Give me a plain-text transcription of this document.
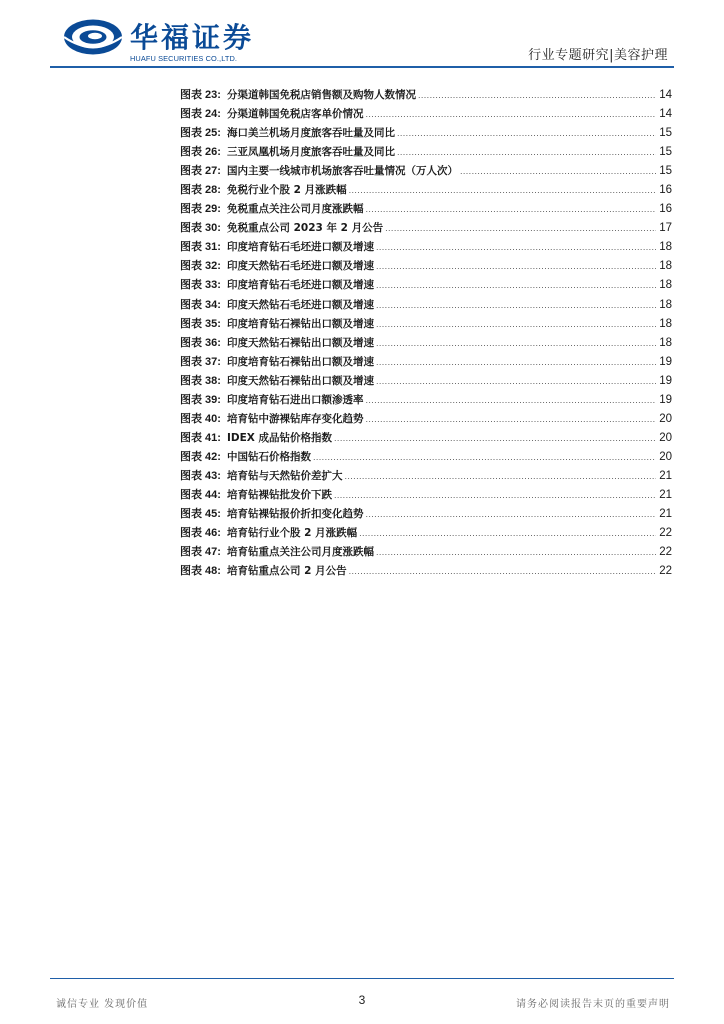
华福证券
HUAFU SECURITIES CO.,LTD.	行业专题研究|美容护理
图表 23: 分渠道韩国免税店销售额及购物人数情况 .....	14
图表 24: 分渠道韩国免税店客单价情况 .....	14
图表 25: 海口美兰机场月度旅客吞吐量及同比 .....	15
图表 26: 三亚凤凰机场月度旅客吞吐量及同比 .....	15
图表 27: 国内主要一线城市机场旅客吞吐量情况（万人次） .....	15
图表 28: 免税行业个股 2 月涨跌幅 .....	16
图表 29: 免税重点关注公司月度涨跌幅 .....	16
图表 30: 免税重点公司 2023 年 2 月公告 .....	17
图表 31: 印度培育钻石毛坯进口额及增速 .....	18
图表 32: 印度天然钻石毛坯进口额及增速 .....	18
图表 33: 印度培育钻石毛坯进口额及增速 .....	18
图表 34: 印度天然钻石毛坯进口额及增速 .....	18
图表 35: 印度培育钻石裸钻出口额及增速 .....	18
图表 36: 印度天然钻石裸钻出口额及增速 .....	18
图表 37: 印度培育钻石裸钻出口额及增速 .....	19
图表 38: 印度天然钻石裸钻出口额及增速 .....	19
图表 39: 印度培育钻石进出口额渗透率 .....	19
图表 40: 培育钻中游裸钻库存变化趋势 .....	20
图表 41: IDEX 成品钻价格指数 .....	20
图表 42: 中国钻石价格指数 .....	20
图表 43: 培育钻与天然钻价差扩大 .....	21
图表 44: 培育钻裸钻批发价下跌 .....	21
图表 45: 培育钻裸钻报价折扣变化趋势 .....	21
图表 46: 培育钻行业个股 2 月涨跌幅 .....	22
图表 47: 培育钻重点关注公司月度涨跌幅 .....	22
图表 48: 培育钻重点公司 2 月公告 .....	22
诚信专业 发现价值	3	请务必阅读报告末页的重要声明
